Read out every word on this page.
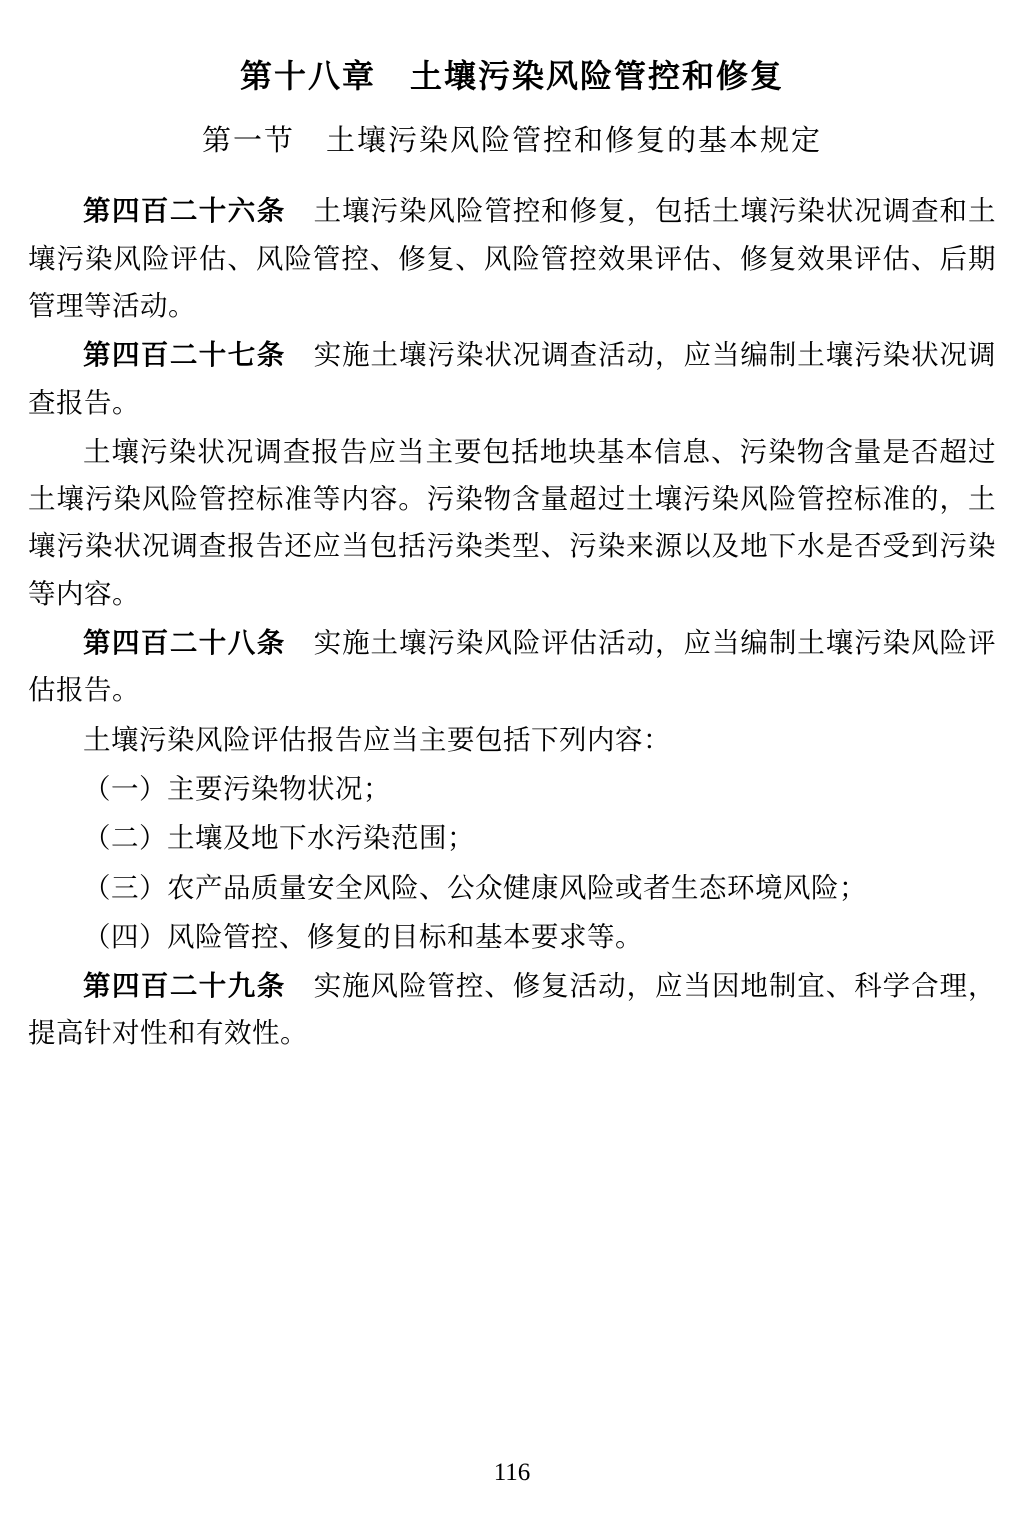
第十八章　土壤污染风险管控和修复
第一节　土壤污染风险管控和修复的基本规定

第四百二十六条 土壤污染风险管控和修复，包括土壤污染状况调查和土壤污染风险评估、风险管控、修复、风险管控效果评估、修复效果评估、后期管理等活动。

第四百二十七条 实施土壤污染状况调查活动，应当编制土壤污染状况调查报告。

土壤污染状况调查报告应当主要包括地块基本信息、污染物含量是否超过土壤污染风险管控标准等内容。污染物含量超过土壤污染风险管控标准的，土壤污染状况调查报告还应当包括污染类型、污染来源以及地下水是否受到污染等内容。

第四百二十八条 实施土壤污染风险评估活动，应当编制土壤污染风险评估报告。

土壤污染风险评估报告应当主要包括下列内容：

（一）主要污染物状况；

（二）土壤及地下水污染范围；

（三）农产品质量安全风险、公众健康风险或者生态环境风险；

（四）风险管控、修复的目标和基本要求等。

第四百二十九条 实施风险管控、修复活动，应当因地制宜、科学合理，提高针对性和有效性。

116
